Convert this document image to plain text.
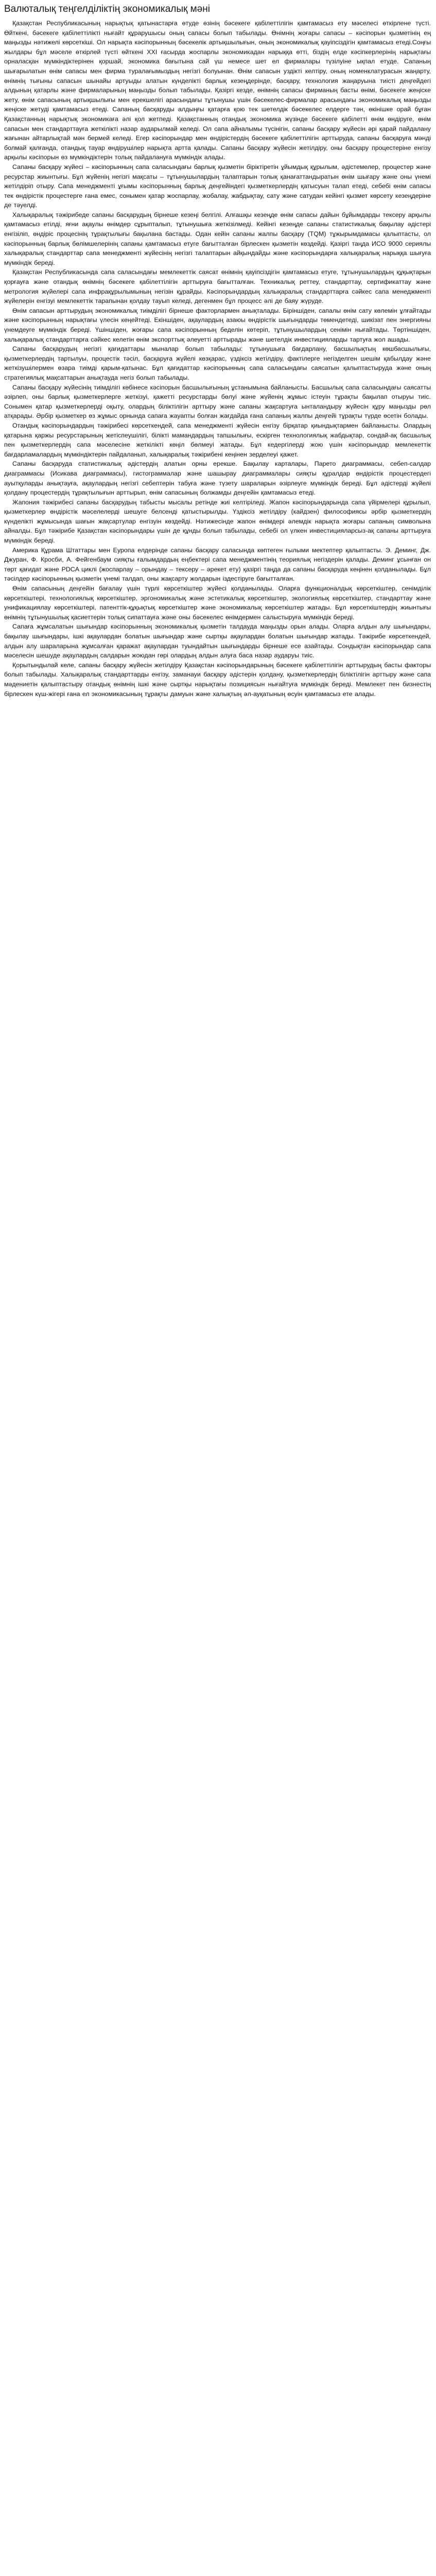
Валюталық теңгелділіктің экономикалық мәні

Қазақстан Республикасының нарықтық қатынастарға өтуде өзінің бәсекеге қабілеттілігін қамтамасыз ету мәселесі өткірлене түсті. Өйткені, бәсекеге қабілеттілікті нығайт құрарушысы оның сапасы болып табылады. Өнімнің жоғары сапасы – кәсіпорын қызметінің ең маңызды нәтижелі көрсеткіші. Ол нарықта кәсіпорынның бәсекелік артықшылығын, оның экономикалық қауіпсіздігін қамтамасыз етеді.Соңғы жылдары бұл мәселе өткірлей түсті өйткені ХХІ ғасырда жоспарлы экономикадан нарыққа өтті, біздің елде кәсіпкерлерінің нарықтағы орналасқан мүмкіндіктерінен қоршай, экономика бағытына сай үш немесе шет ел фирмалары түзілуіне ықпал етуде. Сапаның шығарылатын өнім сапасы мен фирма туралағымыздың негізгі болуынан. Өнім сапасын уздікті келтіру, оның номенклатурасын жаңарту, өнімнің тығыны сапасын шынайы артуыды алатын күнделікті барлық кезеңдерінде, басқару, технология жаңаруына тиісті деңгейдегі алдының қатарлы және фирмаларының маңызды болып табылады. Қазіргі кезде, өнімнің сапасы фирманың басты өнімі, бәсекеге жеңіске жету, өнім сапасының артықшылығы мен ерекшелігі арасындағы тұтынушы үшін бәсекелес-фирмалар арасындағы экономикалық маңызды жеңіске жетуді қамтамасыз етеді. Сапаның басқаруды алдыңғы қатарға қою тек шетелдік бәсекелес елдерге тән, өкінішке орай бұған Қазақстанның нарықтық экономикаға әлі қол жетпеді. Қазақстанның отандық экономика жүзінде бәсекеге қабілетті өнім өндіруге, өнім сапасын мен стандарттауға жеткілікті назар аударылмай келеді. Ол сапа айналымы түсінігін, сапаны басқару жүйесін әрі қарай пайдалану жағынан айтарлықтай мән бермей келеді. Егер кәсіпорындар мен өндірістердің бәсекеге қабілеттілігін арттыруда, сапаны басқаруға мәнді болмай қалғанда, отандық тауар өндірушілер нарықта артта қалады. Сапаны басқару жүйесін жетілдіру, оны басқару процестеріне енгізу арқылы кәсіпорын өз мүмкіндіктерін толық пайдалануға мүмкіндік алады.

Сапаны басқару жүйесі – кәсіпорынның сапа саласындағы барлық қызметін біріктіретін ұйымдық құрылым, әдістемелер, процестер және ресурстар жиынтығы. Бұл жүйенің негізгі мақсаты – тұтынушылардың талаптарын толық қанағаттандыратын өнім шығару және оны үнемі жетілдіріп отыру. Сапа менеджменті ұғымы кәсіпорынның барлық деңгейіндегі қызметкерлердің қатысуын талап етеді, себебі өнім сапасы тек өндірістік процестерге ғана емес, сонымен қатар жоспарлау, жобалау, жабдықтау, сату және сатудан кейінгі қызмет көрсету кезеңдеріне де тәуелді.

Халықаралық тәжірибеде сапаны басқарудың бірнеше кезеңі белгілі. Алғашқы кезеңде өнім сапасы дайын бұйымдарды тексеру арқылы қамтамасыз етілді, яғни ақаулы өнімдер сұрыпталып, тұтынушыға жеткізілмеді. Кейінгі кезеңде сапаны статистикалық бақылау әдістері енгізіліп, өндіріс процесінің тұрақтылығы бақылана бастады. Одан кейін сапаны жалпы басқару (TQM) тұжырымдамасы қалыптасты, ол кәсіпорынның барлық бөлімшелерінің сапаны қамтамасыз етуге бағытталған бірлескен қызметін көздейді. Қазіргі таңда ИСО 9000 сериялы халықаралық стандарттар сапа менеджменті жүйесінің негізгі талаптарын айқындайды және кәсіпорындарға халықаралық нарыққа шығуға мүмкіндік береді.

Қазақстан Республикасында сапа саласындағы мемлекеттік саясат өнімнің қауіпсіздігін қамтамасыз етуге, тұтынушылардың құқықтарын қорғауға және отандық өнімнің бәсекеге қабілеттілігін арттыруға бағытталған. Техникалық реттеу, стандарттау, сертификаттау және метрология жүйелері сапа инфрақұрылымының негізін құрайды. Кәсіпорындардың халықаралық стандарттарға сәйкес сапа менеджменті жүйелерін енгізуі мемлекеттік тарапынан қолдау тауып келеді, дегенмен бұл процесс әлі де баяу жүруде.

Өнім сапасын арттырудың экономикалық тиімділігі бірнеше факторлармен анықталады. Біріншіден, сапалы өнім сату көлемін ұлғайтады және кәсіпорынның нарықтағы үлесін кеңейтеді. Екіншіден, ақаулардың азаюы өндірістік шығындарды төмендетеді, шикізат пен энергияны үнемдеуге мүмкіндік береді. Үшіншіден, жоғары сапа кәсіпорынның беделін көтеріп, тұтынушылардың сенімін нығайтады. Төртіншіден, халықаралық стандарттарға сәйкес келетін өнім экспорттық әлеуетті арттырады және шетелдік инвестицияларды тартуға жол ашады.

Сапаны басқарудың негізгі қағидаттары мыналар болып табылады: тұтынушыға бағдарлану, басшылықтың көшбасшылығы, қызметкерлердің тартылуы, процестік тәсіл, басқаруға жүйелі көзқарас, үздіксіз жетілдіру, фактілерге негізделген шешім қабылдау және жеткізушілермен өзара тиімді қарым-қатынас. Бұл қағидаттар кәсіпорынның сапа саласындағы саясатын қалыптастыруда және оның стратегиялық мақсаттарын анықтауда негіз болып табылады.

Сапаны басқару жүйесінің тиімділігі көбінесе кәсіпорын басшылығының ұстанымына байланысты. Басшылық сапа саласындағы саясатты әзірлеп, оны барлық қызметкерлерге жеткізуі, қажетті ресурстарды бөлуі және жүйенің жұмыс істеуін тұрақты бақылап отыруы тиіс. Сонымен қатар қызметкерлерді оқыту, олардың біліктілігін арттыру және сапаны жақсартуға ынталандыру жүйесін құру маңызды рөл атқарады. Әрбір қызметкер өз жұмыс орнында сапаға жауапты болған жағдайда ғана сапаның жалпы деңгейі тұрақты түрде өсетін болады.

Отандық кәсіпорындардың тәжірибесі көрсеткендей, сапа менеджменті жүйесін енгізу бірқатар қиындықтармен байланысты. Олардың қатарына қаржы ресурстарының жетіспеушілігі, білікті мамандардың тапшылығы, ескірген технологиялық жабдықтар, сондай-ақ басшылық пен қызметкерлердің сапа мәселесіне жеткілікті көңіл бөлмеуі жатады. Бұл кедергілерді жою үшін кәсіпорындар мемлекеттік бағдарламалардың мүмкіндіктерін пайдаланып, халықаралық тәжірибені кеңінен зерделеуі қажет.

Сапаны басқаруда статистикалық әдістердің алатын орны ерекше. Бақылау карталары, Парето диаграммасы, себеп-салдар диаграммасы (Исикава диаграммасы), гистограммалар және шашырау диаграммалары сияқты құралдар өндірістік процестердегі ауытқуларды анықтауға, ақаулардың негізгі себептерін табуға және түзету шараларын әзірлеуге мүмкіндік береді. Бұл әдістерді жүйелі қолдану процестердің тұрақтылығын арттырып, өнім сапасының болжамды деңгейін қамтамасыз етеді.

Жапония тәжірибесі сапаны басқарудың табысты мысалы ретінде жиі келтіріледі. Жапон кәсіпорындарында сапа үйірмелері құрылып, қызметкерлер өндірістік мәселелерді шешуге белсенді қатыстырылды. Үздіксіз жетілдіру (кайдзен) философиясы әрбір қызметкердің күнделікті жұмысында шағын жақсартулар енгізуін көздейді. Нәтижесінде жапон өнімдері әлемдік нарықта жоғары сапаның символына айналды. Бұл тәжірибе Қазақстан кәсіпорындары үшін де құнды болып табылады, себебі ол үлкен инвестицияларсыз-ақ сапаны арттыруға мүмкіндік береді.

Америка Құрама Штаттары мен Еуропа елдерінде сапаны басқару саласында көптеген ғылыми мектептер қалыптасты. Э. Деминг, Дж. Джуран, Ф. Кросби, А. Фейгенбаум сияқты ғалымдардың еңбектері сапа менеджментінің теориялық негіздерін қалады. Деминг ұсынған он төрт қағидат және PDCA циклі (жоспарлау – орындау – тексеру – әрекет ету) қазіргі таңда да сапаны басқаруда кеңінен қолданылады. Бұл тәсілдер кәсіпорынның қызметін үнемі талдап, оны жақсарту жолдарын іздестіруге бағытталған.

Өнім сапасының деңгейін бағалау үшін түрлі көрсеткіштер жүйесі қолданылады. Оларға функционалдық көрсеткіштер, сенімділік көрсеткіштері, технологиялық көрсеткіштер, эргономикалық және эстетикалық көрсеткіштер, экологиялық көрсеткіштер, стандарттау және унификациялау көрсеткіштері, патенттік-құқықтық көрсеткіштер және экономикалық көрсеткіштер жатады. Бұл көрсеткіштердің жиынтығы өнімнің тұтынушылық қасиеттерін толық сипаттауға және оны бәсекелес өнімдермен салыстыруға мүмкіндік береді.

Сапаға жұмсалатын шығындар кәсіпорынның экономикалық қызметін талдауда маңызды орын алады. Оларға алдын алу шығындары, бақылау шығындары, ішкі ақаулардан болатын шығындар және сыртқы ақаулардан болатын шығындар жатады. Тәжірибе көрсеткендей, алдын алу шараларына жұмсалған қаражат ақаулардан туындайтын шығындарды бірнеше есе азайтады. Сондықтан кәсіпорындар сапа мәселесін шешуде ақаулардың салдарын жоюдан гөрі олардың алдын алуға баса назар аударуы тиіс.

Қорытындылай келе, сапаны басқару жүйесін жетілдіру Қазақстан кәсіпорындарының бәсекеге қабілеттілігін арттырудың басты факторы болып табылады. Халықаралық стандарттарды енгізу, заманауи басқару әдістерін қолдану, қызметкерлердің біліктілігін арттыру және сапа мәдениетін қалыптастыру отандық өнімнің ішкі және сыртқы нарықтағы позициясын нығайтуға мүмкіндік береді. Мемлекет пен бизнестің бірлескен күш-жігері ғана ел экономикасының тұрақты дамуын және халықтың әл-ауқатының өсуін қамтамасыз ете алады.
